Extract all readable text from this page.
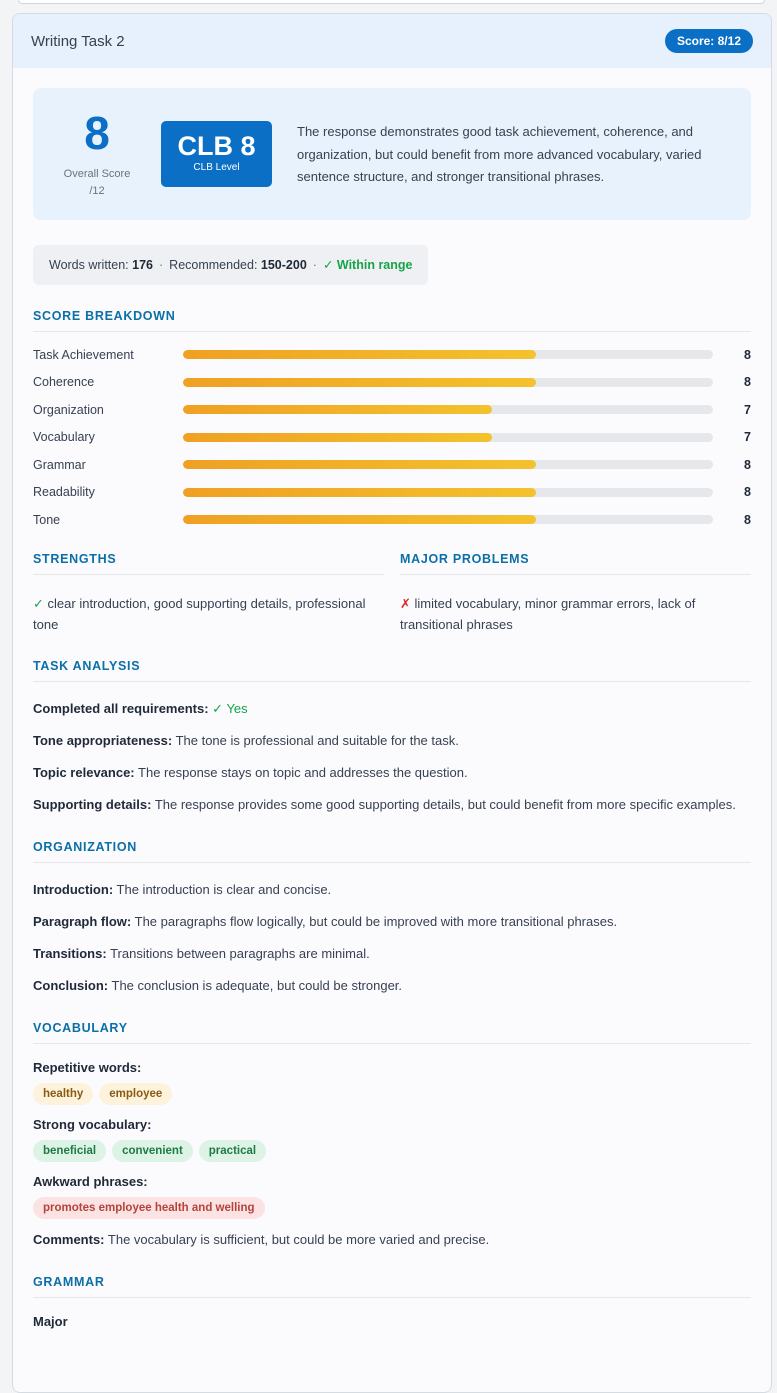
Writing Task 2	Score: 8/12
8
Overall Score
/12
CLB 8
CLB Level
The response demonstrates good task achievement, coherence, and organization, but could benefit from more advanced vocabulary, varied sentence structure, and stronger transitional phrases.
Words written: 176 · Recommended: 150-200 · ✓ Within range
SCORE BREAKDOWN
Task Achievement	8
Coherence	8
Organization	7
Vocabulary	7
Grammar	8
Readability	8
Tone	8
STRENGTHS
✓ clear introduction, good supporting details, professional tone
MAJOR PROBLEMS
✗ limited vocabulary, minor grammar errors, lack of transitional phrases
TASK ANALYSIS
Completed all requirements: ✓ Yes
Tone appropriateness: The tone is professional and suitable for the task.
Topic relevance: The response stays on topic and addresses the question.
Supporting details: The response provides some good supporting details, but could benefit from more specific examples.
ORGANIZATION
Introduction: The introduction is clear and concise.
Paragraph flow: The paragraphs flow logically, but could be improved with more transitional phrases.
Transitions: Transitions between paragraphs are minimal.
Conclusion: The conclusion is adequate, but could be stronger.
VOCABULARY
Repetitive words:
healthy	employee
Strong vocabulary:
beneficial	convenient	practical
Awkward phrases:
promotes employee health and welling
Comments: The vocabulary is sufficient, but could be more varied and precise.
GRAMMAR
Major
